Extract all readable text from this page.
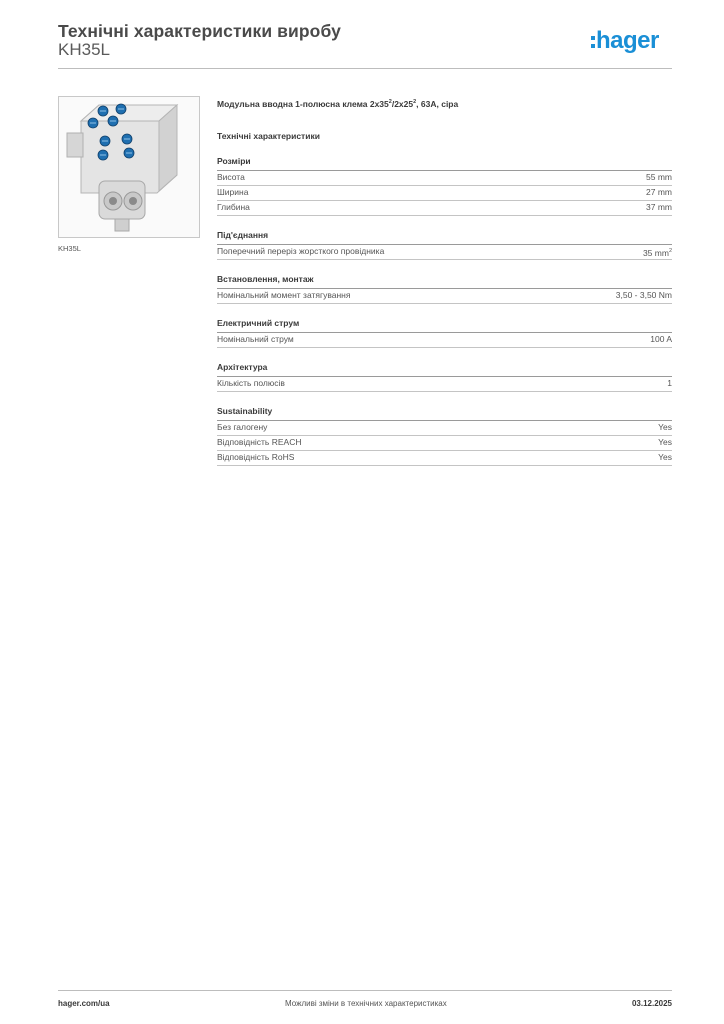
Технічні характеристики виробу
KH35L	hager
KH35L
Модульна вводна 1-полюсна клема $2x35^2/2x25^2$, 63A, сіра
Технічні характеристики
Розміри
Висота	55 mm
Ширина	27 mm
Глибина	37 mm
Під'єднання
Поперечний переріз жорсткого провідника	35 $mm^2$
Встановлення, монтаж
Номінальний момент затягування	3,50 - 3,50 Nm
Електричний струм
Номінальний струм	100 A
Архітектура
Кількість полюсів	1
Sustainability
Без галогену	Yes
Відповідність REACH	Yes
Відповідність RoHS	Yes
hager.com/ua	Можливі зміни в технічних характеристиках	03.12.2025
